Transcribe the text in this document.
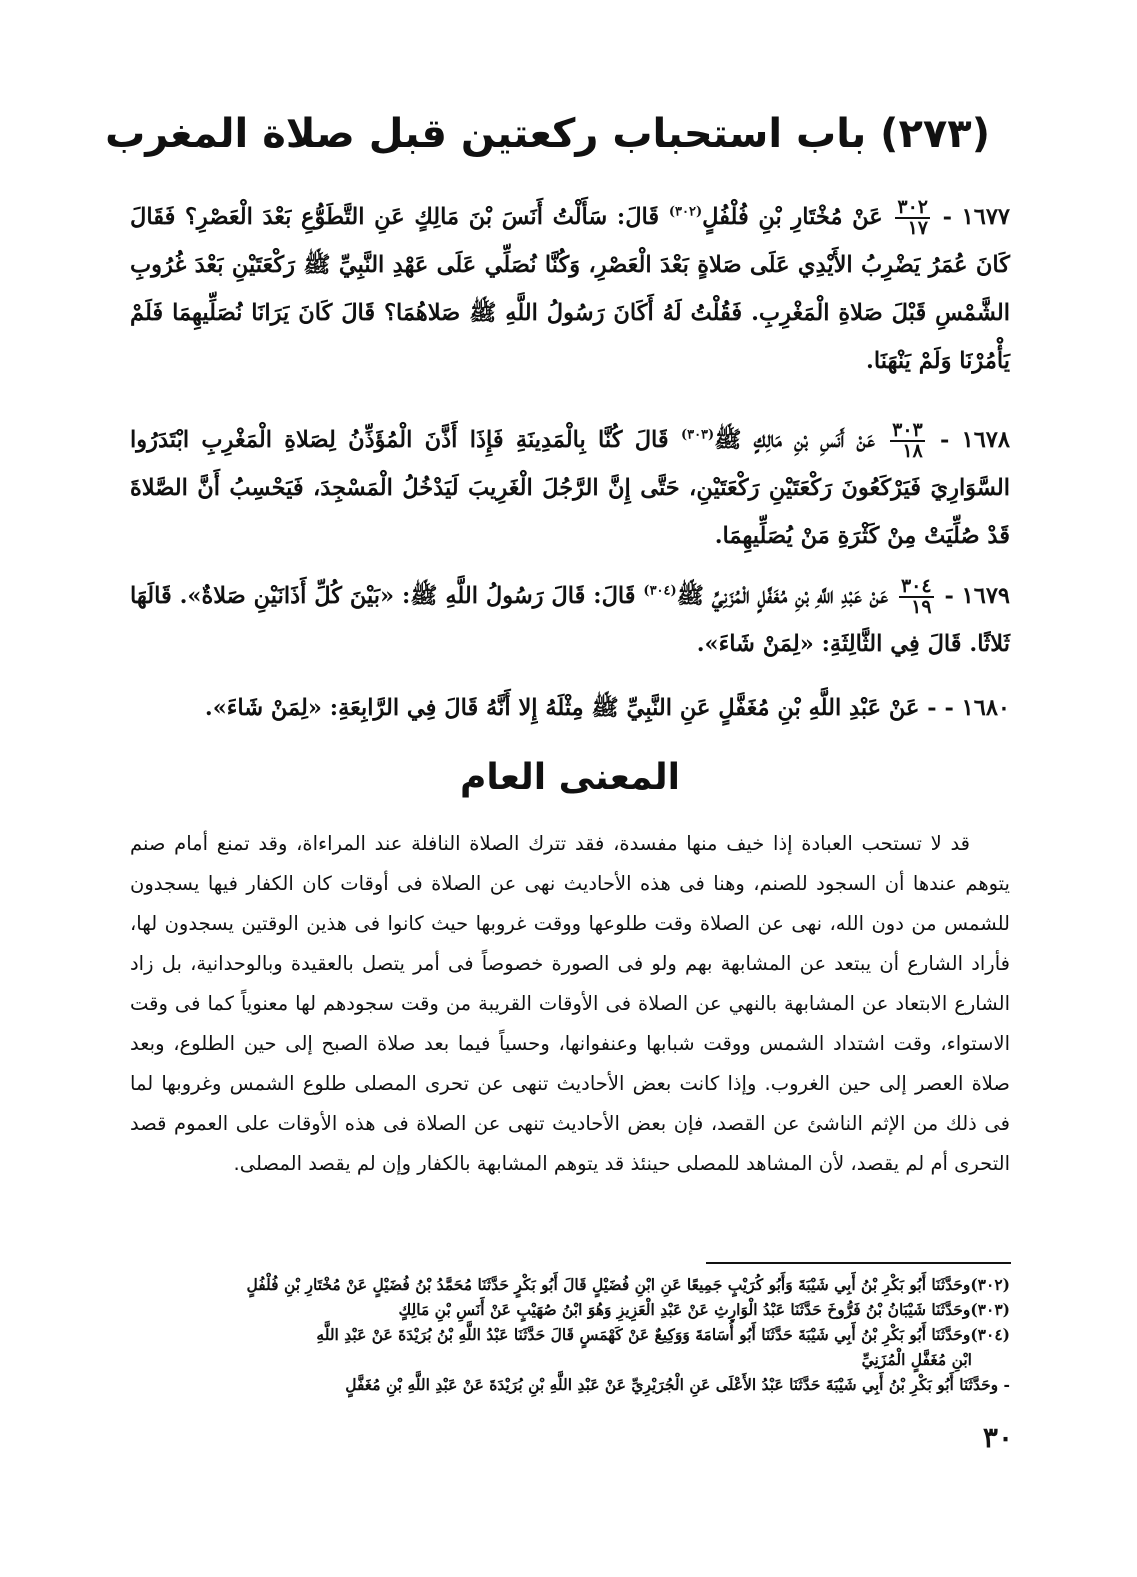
(٢٧٣) باب استحباب ركعتين قبل صلاة المغرب
١٦٧٧ -
$\frac{٣٠٢}{١٧}$
عَنْ مُخْتَارِ بْنِ فُلْفُلٍ$^{(٣٠٢)}$ قَالَ: سَأَلْتُ أَنَسَ بْنَ مَالِكٍ عَنِ التَّطَوُّعِ بَعْدَ الْعَصْرِ؟ فَقَالَ كَانَ عُمَرُ يَضْرِبُ الأَيْدِي عَلَى صَلاةٍ بَعْدَ الْعَصْرِ، وَكُنَّا نُصَلِّي عَلَى عَهْدِ النَّبِيِّ ﷺ رَكْعَتَيْنِ بَعْدَ غُرُوبِ الشَّمْسِ قَبْلَ صَلاةِ الْمَغْرِبِ. فَقُلْتُ لَهُ أَكَانَ رَسُولُ اللَّهِ ﷺ صَلاهُمَا؟ قَالَ كَانَ يَرَانَا نُصَلِّيهِمَا فَلَمْ يَأْمُرْنَا وَلَمْ يَنْهَنَا.
١٦٧٨ -
$\frac{٣٠٣}{١٨}$
عَنْ أَنَسِ بْنِ مَالِكٍ ﷺ$^{(٣٠٣)}$ قَالَ كُنَّا بِالْمَدِينَةِ فَإِذَا أَذَّنَ الْمُؤَذِّنُ لِصَلاةِ الْمَغْرِبِ ابْتَدَرُوا السَّوَارِيَ فَيَرْكَعُونَ رَكْعَتَيْنِ رَكْعَتَيْنِ، حَتَّى إِنَّ الرَّجُلَ الْغَرِيبَ لَيَدْخُلُ الْمَسْجِدَ، فَيَحْسِبُ أَنَّ الصَّلاةَ قَدْ صُلِّيَتْ مِنْ كَثْرَةِ مَنْ يُصَلِّيهِمَا.
١٦٧٩ -
$\frac{٣٠٤}{١٩}$
عَنْ عَبْدِ اللَّهِ بْنِ مُغَفَّلٍ الْمُزَنِيِّ ﷺ$^{(٣٠٤)}$ قَالَ: قَالَ رَسُولُ اللَّهِ ﷺ: «بَيْنَ كُلِّ أَذَانَيْنِ صَلاةٌ». قَالَهَا ثَلاثًا. قَالَ فِي الثَّالِثَةِ: «لِمَنْ شَاءَ».
١٦٨٠ - - عَنْ عَبْدِ اللَّهِ بْنِ مُغَفَّلٍ عَنِ النَّبِيِّ ﷺ مِثْلَهُ إِلا أَنَّهُ قَالَ فِي الرَّابِعَةِ: «لِمَنْ شَاءَ».
المعنى العام
قد لا تستحب العبادة إذا خيف منها مفسدة، فقد تترك الصلاة النافلة عند المراءاة، وقد تمنع أمام صنم يتوهم عندها أن السجود للصنم، وهنا فى هذه الأحاديث نهى عن الصلاة فى أوقات كان الكفار فيها يسجدون للشمس من دون الله، نهى عن الصلاة وقت طلوعها ووقت غروبها حيث كانوا فى هذين الوقتين يسجدون لها، فأراد الشارع أن يبتعد عن المشابهة بهم ولو فى الصورة خصوصاً فى أمر يتصل بالعقيدة وبالوحدانية، بل زاد الشارع الابتعاد عن المشابهة بالنهي عن الصلاة فى الأوقات القريبة من وقت سجودهم لها معنوياً كما فى وقت الاستواء، وقت اشتداد الشمس ووقت شبابها وعنفوانها، وحسياً فيما بعد صلاة الصبح إلى حين الطلوع، وبعد صلاة العصر إلى حين الغروب. وإذا كانت بعض الأحاديث تنهى عن تحرى المصلى طلوع الشمس وغروبها لما فى ذلك من الإثم الناشئ عن القصد، فإن بعض الأحاديث تنهى عن الصلاة فى هذه الأوقات على العموم قصد التحرى أم لم يقصد، لأن المشاهد للمصلى حينئذ قد يتوهم المشابهة بالكفار وإن لم يقصد المصلى.
(٣٠٢)وحَدَّثَنَا أَبُو بَكْرِ بْنُ أَبِي شَيْبَةَ وَأَبُو كُرَيْبٍ جَمِيعًا عَنِ ابْنِ فُضَيْلٍ قَالَ أَبُو بَكْرٍ حَدَّثَنَا مُحَمَّدُ بْنُ فُضَيْلٍ عَنْ مُخْتَارِ بْنِ فُلْفُلٍ
(٣٠٣)وحَدَّثَنَا شَيْبَانُ بْنُ فَرُّوخَ حَدَّثَنَا عَبْدُ الْوَارِثِ عَنْ عَبْدِ الْعَزِيزِ وَهُوَ ابْنُ صُهَيْبٍ عَنْ أَنَسِ بْنِ مَالِكٍ
(٣٠٤)وحَدَّثَنَا أَبُو بَكْرِ بْنُ أَبِي شَيْبَةَ حَدَّثَنَا أَبُو أُسَامَةَ وَوَكِيعٌ عَنْ كَهْمَسٍ قَالَ حَدَّثَنَا عَبْدُ اللَّهِ بْنُ بُرَيْدَةَ عَنْ عَبْدِ اللَّهِ
ابْنِ مُغَفَّلٍ الْمُزَنِيِّ
- وحَدَّثَنَا أَبُو بَكْرِ بْنُ أَبِي شَيْبَةَ حَدَّثَنَا عَبْدُ الأَعْلَى عَنِ الْجُرَيْرِيِّ عَنْ عَبْدِ اللَّهِ بْنِ بُرَيْدَةَ عَنْ عَبْدِ اللَّهِ بْنِ مُغَفَّلٍ
٣٠
